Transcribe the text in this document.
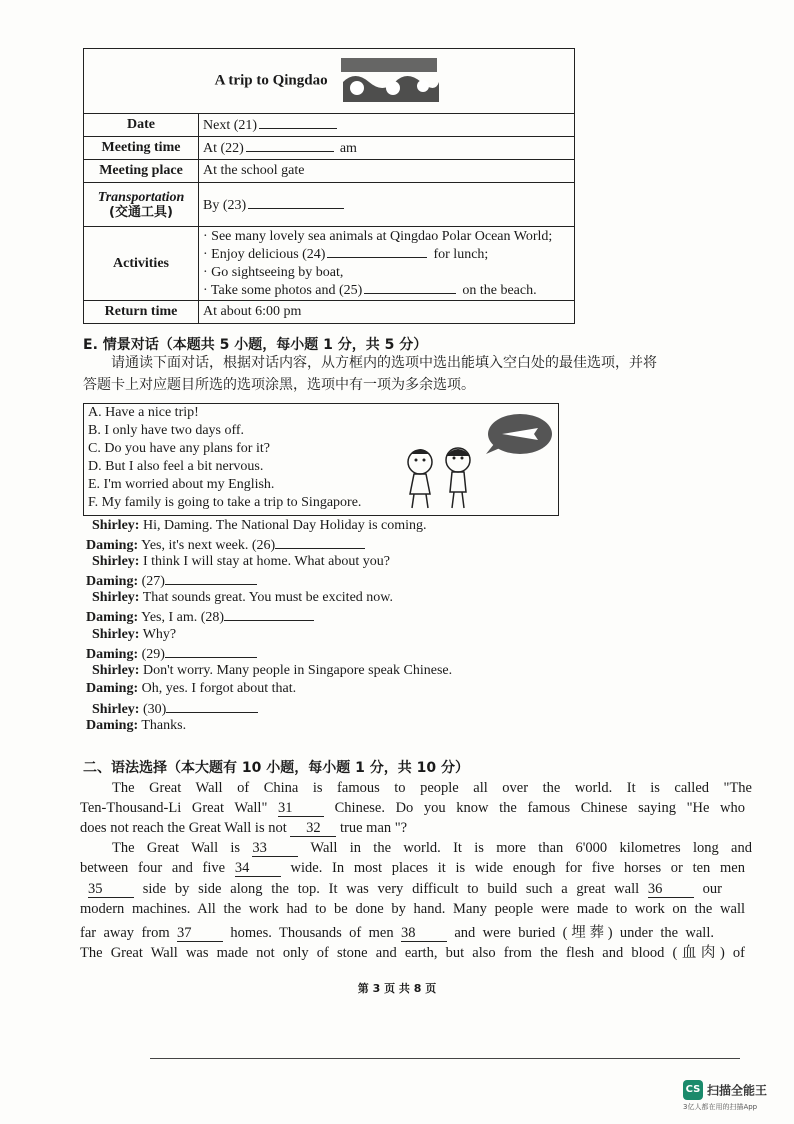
A trip to Qingdao	
Date	Next (21)
Meeting time	At (22) am
Meeting place	At the school gate

Transportation
(交通工具)	By (23)
Activities	· See many lovely sea animals at Qingdao Polar Ocean World;
· Enjoy delicious (24) for lunch;
· Go sightseeing by boat,
· Take some photos and (25) on the beach.

Return time	At about 6:00 pm
E. 情景对话（本题共 5 小题，每小题 1 分，共 5 分）
请通读下面对话，根据对话内容，从方框内的选项中选出能填入空白处的最佳选项，并将
答题卡上对应题目所选的选项涂黑，选项中有一项为多余选项。
A. Have a nice trip!
B. I only have two days off.
C. Do you have any plans for it?
D. But I also feel a bit nervous.
E. I'm worried about my English.
F. My family is going to take a trip to Singapore.
Shirley: Hi, Daming. The National Day Holiday is coming.
Daming: Yes, it's next week. (26)
Shirley: I think I will stay at home. What about you?
Daming: (27)
Shirley: That sounds great. You must be excited now.
Daming: Yes, I am. (28)
Shirley: Why?
Daming: (29)
Shirley: Don't worry. Many people in Singapore speak Chinese.
Daming: Oh, yes. I forgot about that.
Shirley: (30)
Daming: Thanks.
二、语法选择（本大题有 10 小题，每小题 1 分，共 10 分）
The Great Wall of China is famous to people all over the world. It is called "The
Ten-Thousand-Li Great Wall" 31 Chinese. Do you know the famous Chinese saying "He who
does not reach the Great Wall is not 32 true man "?
The Great Wall is 33 Wall in the world. It is more than 6'000 kilometres long and
between four and five 34 wide. In most places it is wide enough for five horses or ten men
35 side by side along the top. It was very difficult to build such a great wall 36 our
modern machines. All the work had to be done by hand. Many people were made to work on the wall
far away from 37 homes. Thousands of men 38 and were buried (埋葬) under the wall.
The Great Wall was made not only of stone and earth, but also from the flesh and blood (血肉) of
第 3 页 共 8 页
CS 扫描全能王
3亿人都在用的扫描App
